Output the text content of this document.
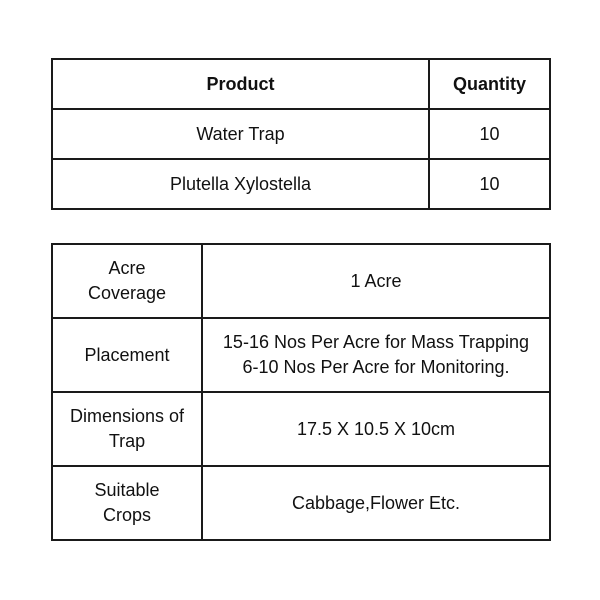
Product	Quantity
Water Trap	10
Plutella Xylostella	10
Acre
Coverage	1 Acre

Placement	15-16 Nos Per Acre for Mass Trapping
6-10 Nos Per Acre for Monitoring.

Dimensions of
Trap	17.5 X 10.5 X 10cm

Suitable
Crops	Cabbage,Flower Etc.
